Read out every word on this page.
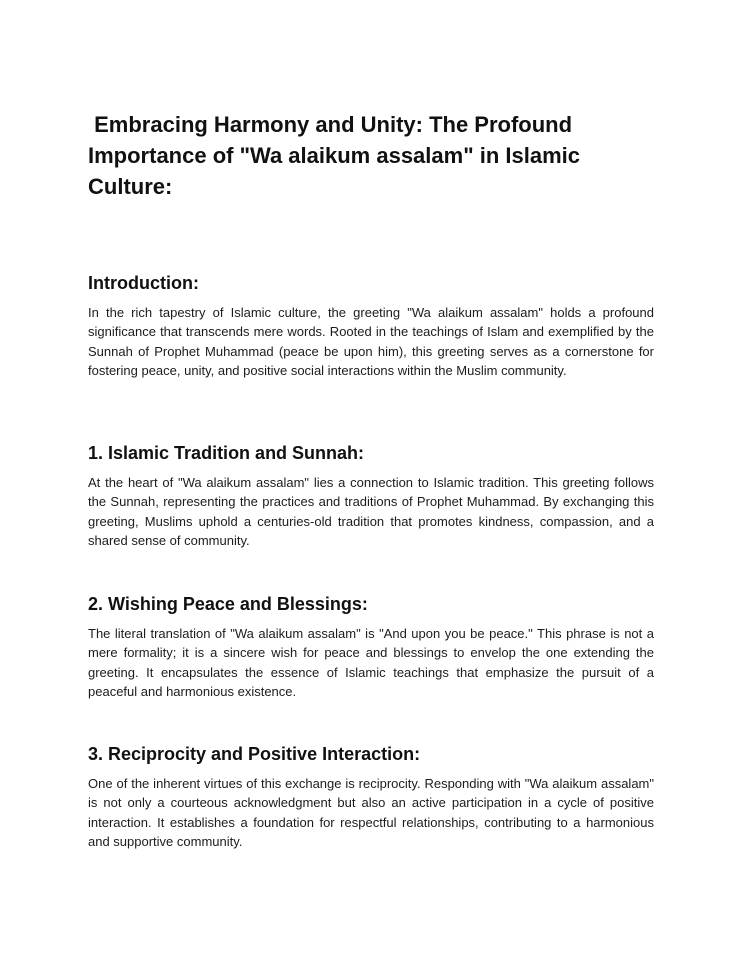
Embracing Harmony and Unity: The Profound Importance of "Wa alaikum assalam" in Islamic Culture:
Introduction:

In the rich tapestry of Islamic culture, the greeting "Wa alaikum assalam" holds a profound significance that transcends mere words. Rooted in the teachings of Islam and exemplified by the Sunnah of Prophet Muhammad (peace be upon him), this greeting serves as a cornerstone for fostering peace, unity, and positive social interactions within the Muslim community.

1. Islamic Tradition and Sunnah:

At the heart of "Wa alaikum assalam" lies a connection to Islamic tradition. This greeting follows the Sunnah, representing the practices and traditions of Prophet Muhammad. By exchanging this greeting, Muslims uphold a centuries-old tradition that promotes kindness, compassion, and a shared sense of community.

2. Wishing Peace and Blessings:

The literal translation of "Wa alaikum assalam" is "And upon you be peace." This phrase is not a mere formality; it is a sincere wish for peace and blessings to envelop the one extending the greeting. It encapsulates the essence of Islamic teachings that emphasize the pursuit of a peaceful and harmonious existence.

3. Reciprocity and Positive Interaction:

One of the inherent virtues of this exchange is reciprocity. Responding with "Wa alaikum assalam" is not only a courteous acknowledgment but also an active participation in a cycle of positive interaction. It establishes a foundation for respectful relationships, contributing to a harmonious and supportive community.
